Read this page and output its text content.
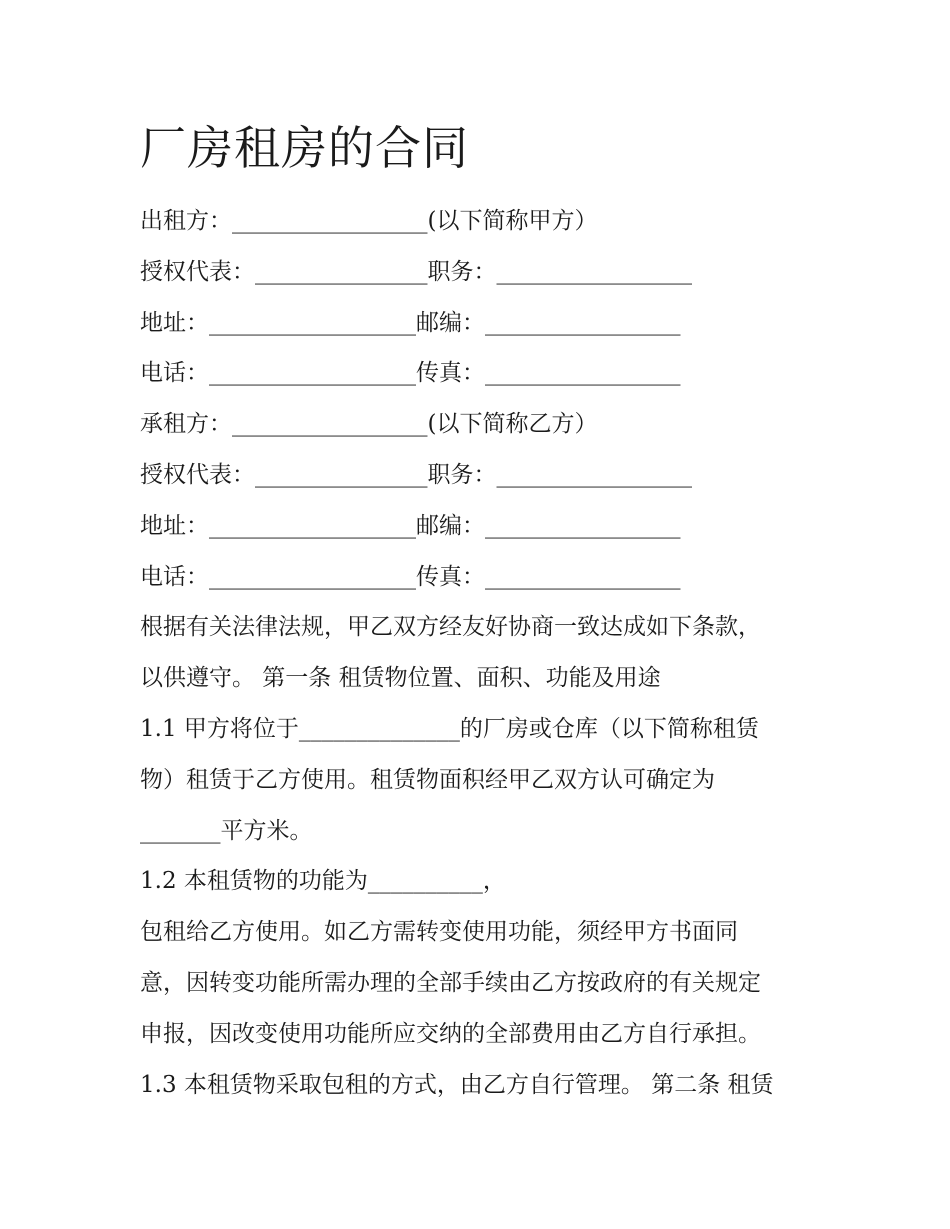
厂房租房的合同
出租方：_________________(以下简称甲方）
授权代表：_______________职务：_________________
地址：__________________邮编：_________________
电话：__________________传真：_________________
承租方：_________________(以下简称乙方）
授权代表：_______________职务：_________________
地址：__________________邮编：_________________
电话：__________________传真：_________________
根据有关法律法规，甲乙双方经友好协商一致达成如下条款，
以供遵守。 第一条 租赁物位置、面积、功能及用途
1.1 甲方将位于______________的厂房或仓库（以下简称租赁
物）租赁于乙方使用。租赁物面积经甲乙双方认可确定为
_______平方米。
1.2 本租赁物的功能为__________，
包租给乙方使用。如乙方需转变使用功能，须经甲方书面同
意，因转变功能所需办理的全部手续由乙方按政府的有关规定
申报，因改变使用功能所应交纳的全部费用由乙方自行承担。
1.3 本租赁物采取包租的方式，由乙方自行管理。 第二条 租赁
